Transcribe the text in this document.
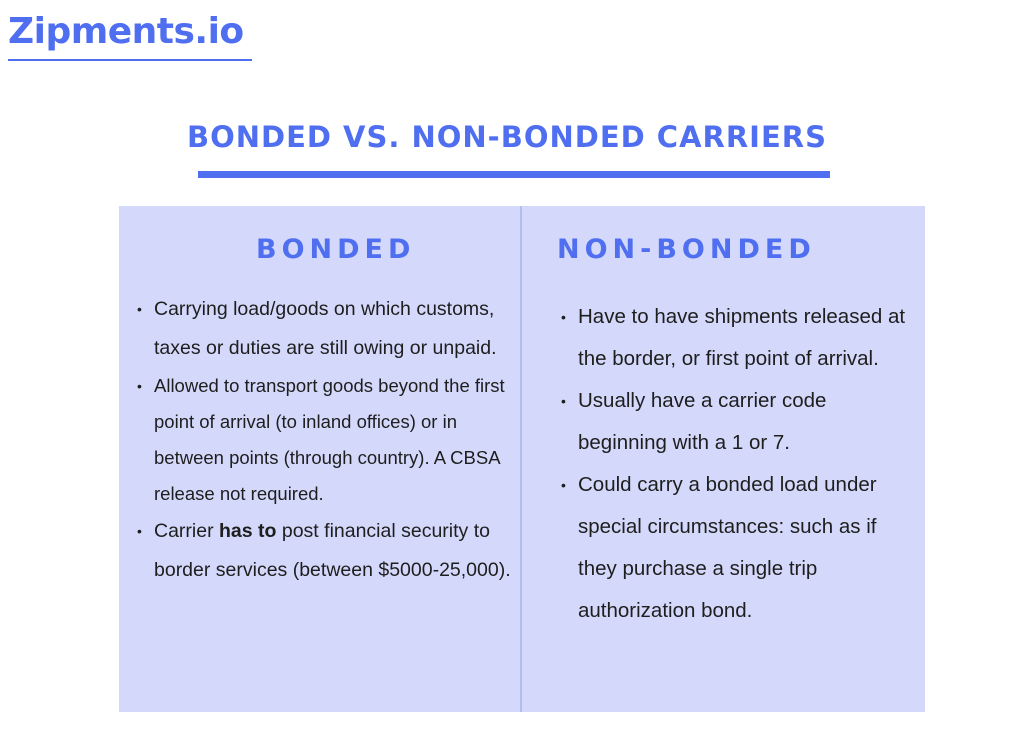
Zipments.io
BONDED VS. NON-BONDED CARRIERS
BONDED
• Carrying load/goods on which customs, taxes or duties are still owing or unpaid.
• Allowed to transport goods beyond the first point of arrival (to inland offices) or in between points (through country). A CBSA release not required.
• Carrier has to post financial security to border services (between $5000-25,000).
NON-BONDED
• Have to have shipments released at the border, or first point of arrival.
• Usually have a carrier code beginning with a 1 or 7.
• Could carry a bonded load under special circumstances: such as if they purchase a single trip authorization bond.
